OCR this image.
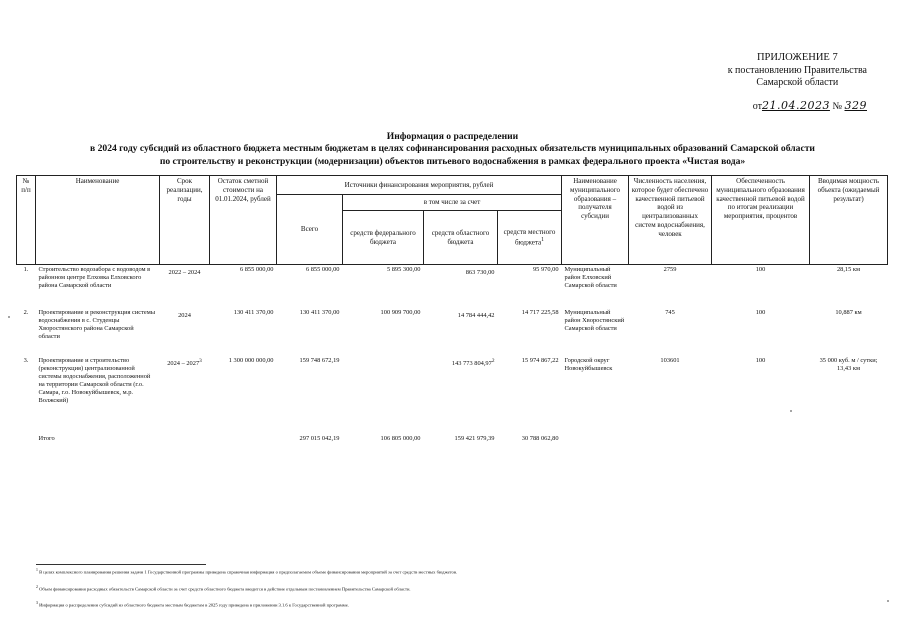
ПРИЛОЖЕНИЕ 7
к постановлению Правительства
Самарской области
от21.04.2023 № 329
Информация о распределении
в 2024 году субсидий из областного бюджета местным бюджетам в целях софинансирования расходных обязательств муниципальных образований Самарской области
по строительству и реконструкции (модернизации) объектов питьевого водоснабжения в рамках федерального проекта «Чистая вода»
№ п/п	Наименование	Срок реализации, годы	Остаток сметной стоимости на 01.01.2024, рублей	Источники финансирования мероприятия, рублей				Наименование муниципального образования – получателя субсидии	Численность населения, которое будет обеспечено качественной питьевой водой из централизованных систем водоснабжения, человек	Обеспеченность муниципального образования качественной питьевой водой по итогам реализации мероприятия, процентов	Вводимая мощность объекта (ожидаемый результат)
				Всего	в том числе за счет						
					средств федерального бюджета	средств областного бюджета	средств местного бюджета$^1$
1.	Строительство водозабора с водоводом в районном центре Елховка Елховского района Самарской области	2022 – 2024	6 855 000,00	6 855 000,00	5 895 300,00	863 730,00	95 970,00	Муниципальный район Елховский Самарской области	2759	100	28,15 км
2.	Проектирование и реконструкция системы водоснабжения в с. Студенцы Хворостянского района Самарской области	2024	130 411 370,00	130 411 370,00	100 909 700,00	14 784 444,42	14 717 225,58	Муниципальный район Хворостянский Самарской области	745	100	10,887 км
3.	Проектирование и строительство (реконструкция) централизованной системы водоснабжения, расположенной на территории Самарской области (г.о. Самара, г.о. Новокуйбышевск, м.р. Волжский)	2024 – 2027$^3$	1 300 000 000,00	159 748 672,19		143 773 804,97$^2$	15 974 867,22	Городской округ Новокуйбышевск	103601	100	35 000 куб. м / сутки; 13,43 км
	Итого			297 015 042,19	106 805 000,00	159 421 979,39	30 788 062,80				

$^1$ В целях комплексного планирования решения задачи 1 Государственной программы приведена справочная информация о предполагаемом объеме финансирования мероприятий за счет средств местных бюджетов.

$^2$ Объем финансирования расходных обязательств Самарской области за счет средств областного бюджета вводится в действие отдельным постановлением Правительства Самарской области.

$^3$ Информация о распределении субсидий из областного бюджета местным бюджетам в 2025 году приведена в приложении 3.1.6 к Государственной программе.
